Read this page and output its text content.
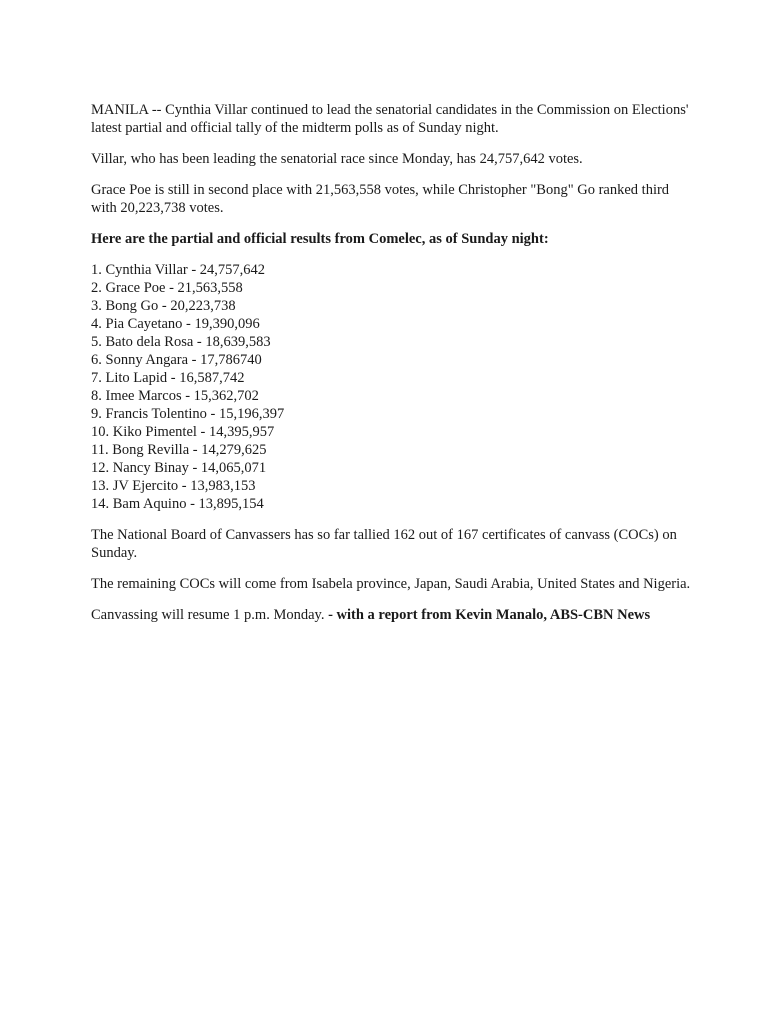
MANILA -- Cynthia Villar continued to lead the senatorial candidates in the Commission on Elections' latest partial and official tally of the midterm polls as of Sunday night.

Villar, who has been leading the senatorial race since Monday, has 24,757,642 votes.

Grace Poe is still in second place with 21,563,558 votes, while Christopher "Bong" Go ranked third with 20,223,738 votes.

Here are the partial and official results from Comelec, as of Sunday night:

1. Cynthia Villar - 24,757,642
2. Grace Poe - 21,563,558
3. Bong Go - 20,223,738
4. Pia Cayetano - 19,390,096
5. Bato dela Rosa - 18,639,583
6. Sonny Angara - 17,786740
7. Lito Lapid - 16,587,742
8. Imee Marcos - 15,362,702
9. Francis Tolentino - 15,196,397
10. Kiko Pimentel - 14,395,957
11. Bong Revilla - 14,279,625
12. Nancy Binay - 14,065,071
13. JV Ejercito - 13,983,153
14. Bam Aquino - 13,895,154

The National Board of Canvassers has so far tallied 162 out of 167 certificates of canvass (COCs) on Sunday.

The remaining COCs will come from Isabela province, Japan, Saudi Arabia, United States and Nigeria.

Canvassing will resume 1 p.m. Monday. - with a report from Kevin Manalo, ABS-CBN News
